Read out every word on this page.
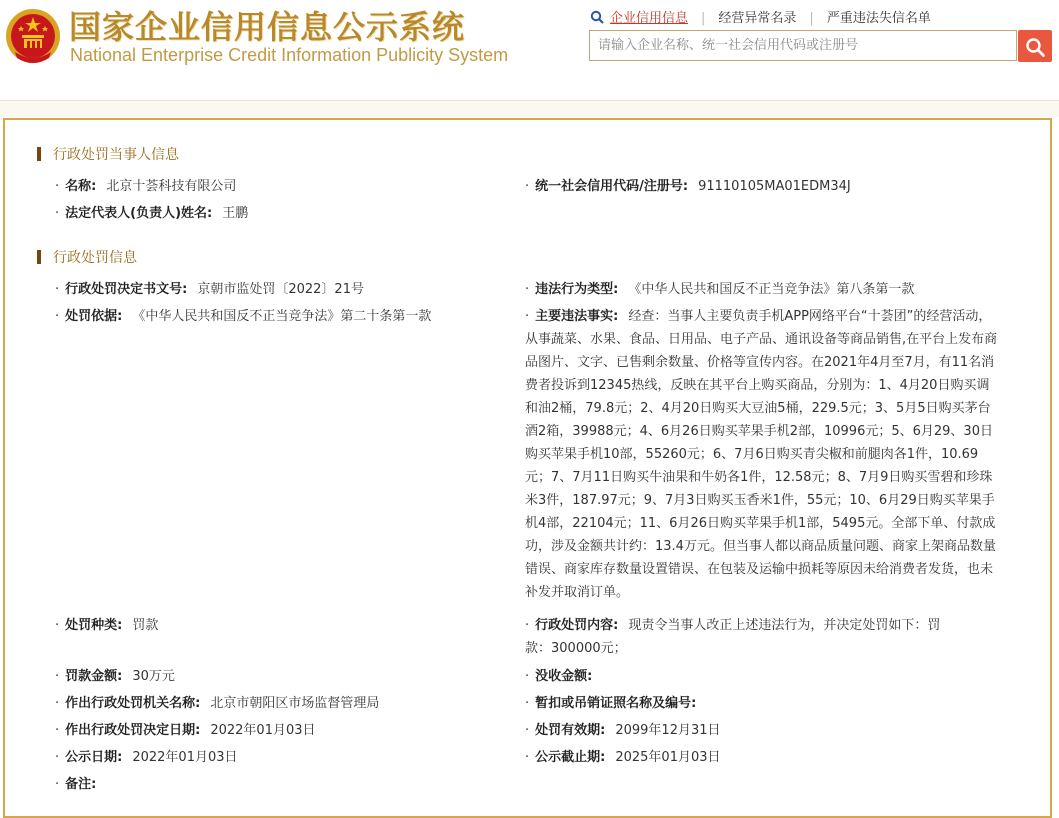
国家企业信用信息公示系统
National Enterprise Credit Information Publicity System
企业信用信息 | 经营异常名录 | 严重违法失信名单
请输入企业名称、统一社会信用代码或注册号
行政处罚当事人信息
· 名称: 北京十荟科技有限公司	· 统一社会信用代码/注册号: 91110105MA01EDM34J
· 法定代表人(负责人)姓名: 王鹏
行政处罚信息
· 行政处罚决定书文号: 京朝市监处罚〔2022〕21号	· 违法行为类型: 《中华人民共和国反不正当竞争法》第八条第一款
· 处罚依据: 《中华人民共和国反不正当竞争法》第二十条第一款	· 主要违法事实: 经查：当事人主要负责手机APP网络平台“十荟团”的经营活动，从事蔬菜、水果、食品、日用品、电子产品、通讯设备等商品销售,在平台上发布商品图片、文字、已售剩余数量、价格等宣传内容。在2021年4月至7月，有11名消费者投诉到12345热线，反映在其平台上购买商品，分别为：1、4月20日购买调和油2桶，79.8元；2、4月20日购买大豆油5桶，229.5元；3、5月5日购买茅台酒2箱，39988元；4、6月26日购买苹果手机2部，10996元；5、6月29、30日购买苹果手机10部，55260元；6、7月6日购买青尖椒和前腿肉各1件，10.69元；7、7月11日购买牛油果和牛奶各1件，12.58元；8、7月9日购买雪碧和珍珠米3件，187.97元；9、7月3日购买玉香米1件，55元；10、6月29日购买苹果手机4部，22104元；11、6月26日购买苹果手机1部，5495元。全部下单、付款成功，涉及金额共计约：13.4万元。但当事人都以商品质量问题、商家上架商品数量错误、商家库存数量设置错误、在包装及运输中损耗等原因未给消费者发货，也未补发并取消订单。
· 处罚种类: 罚款	· 行政处罚内容: 现责令当事人改正上述违法行为，并决定处罚如下：罚款：300000元；
· 罚款金额: 30万元	· 没收金额:
· 作出行政处罚机关名称: 北京市朝阳区市场监督管理局	· 暂扣或吊销证照名称及编号:
· 作出行政处罚决定日期: 2022年01月03日	· 处罚有效期: 2099年12月31日
· 公示日期: 2022年01月03日	· 公示截止期: 2025年01月03日
· 备注:
